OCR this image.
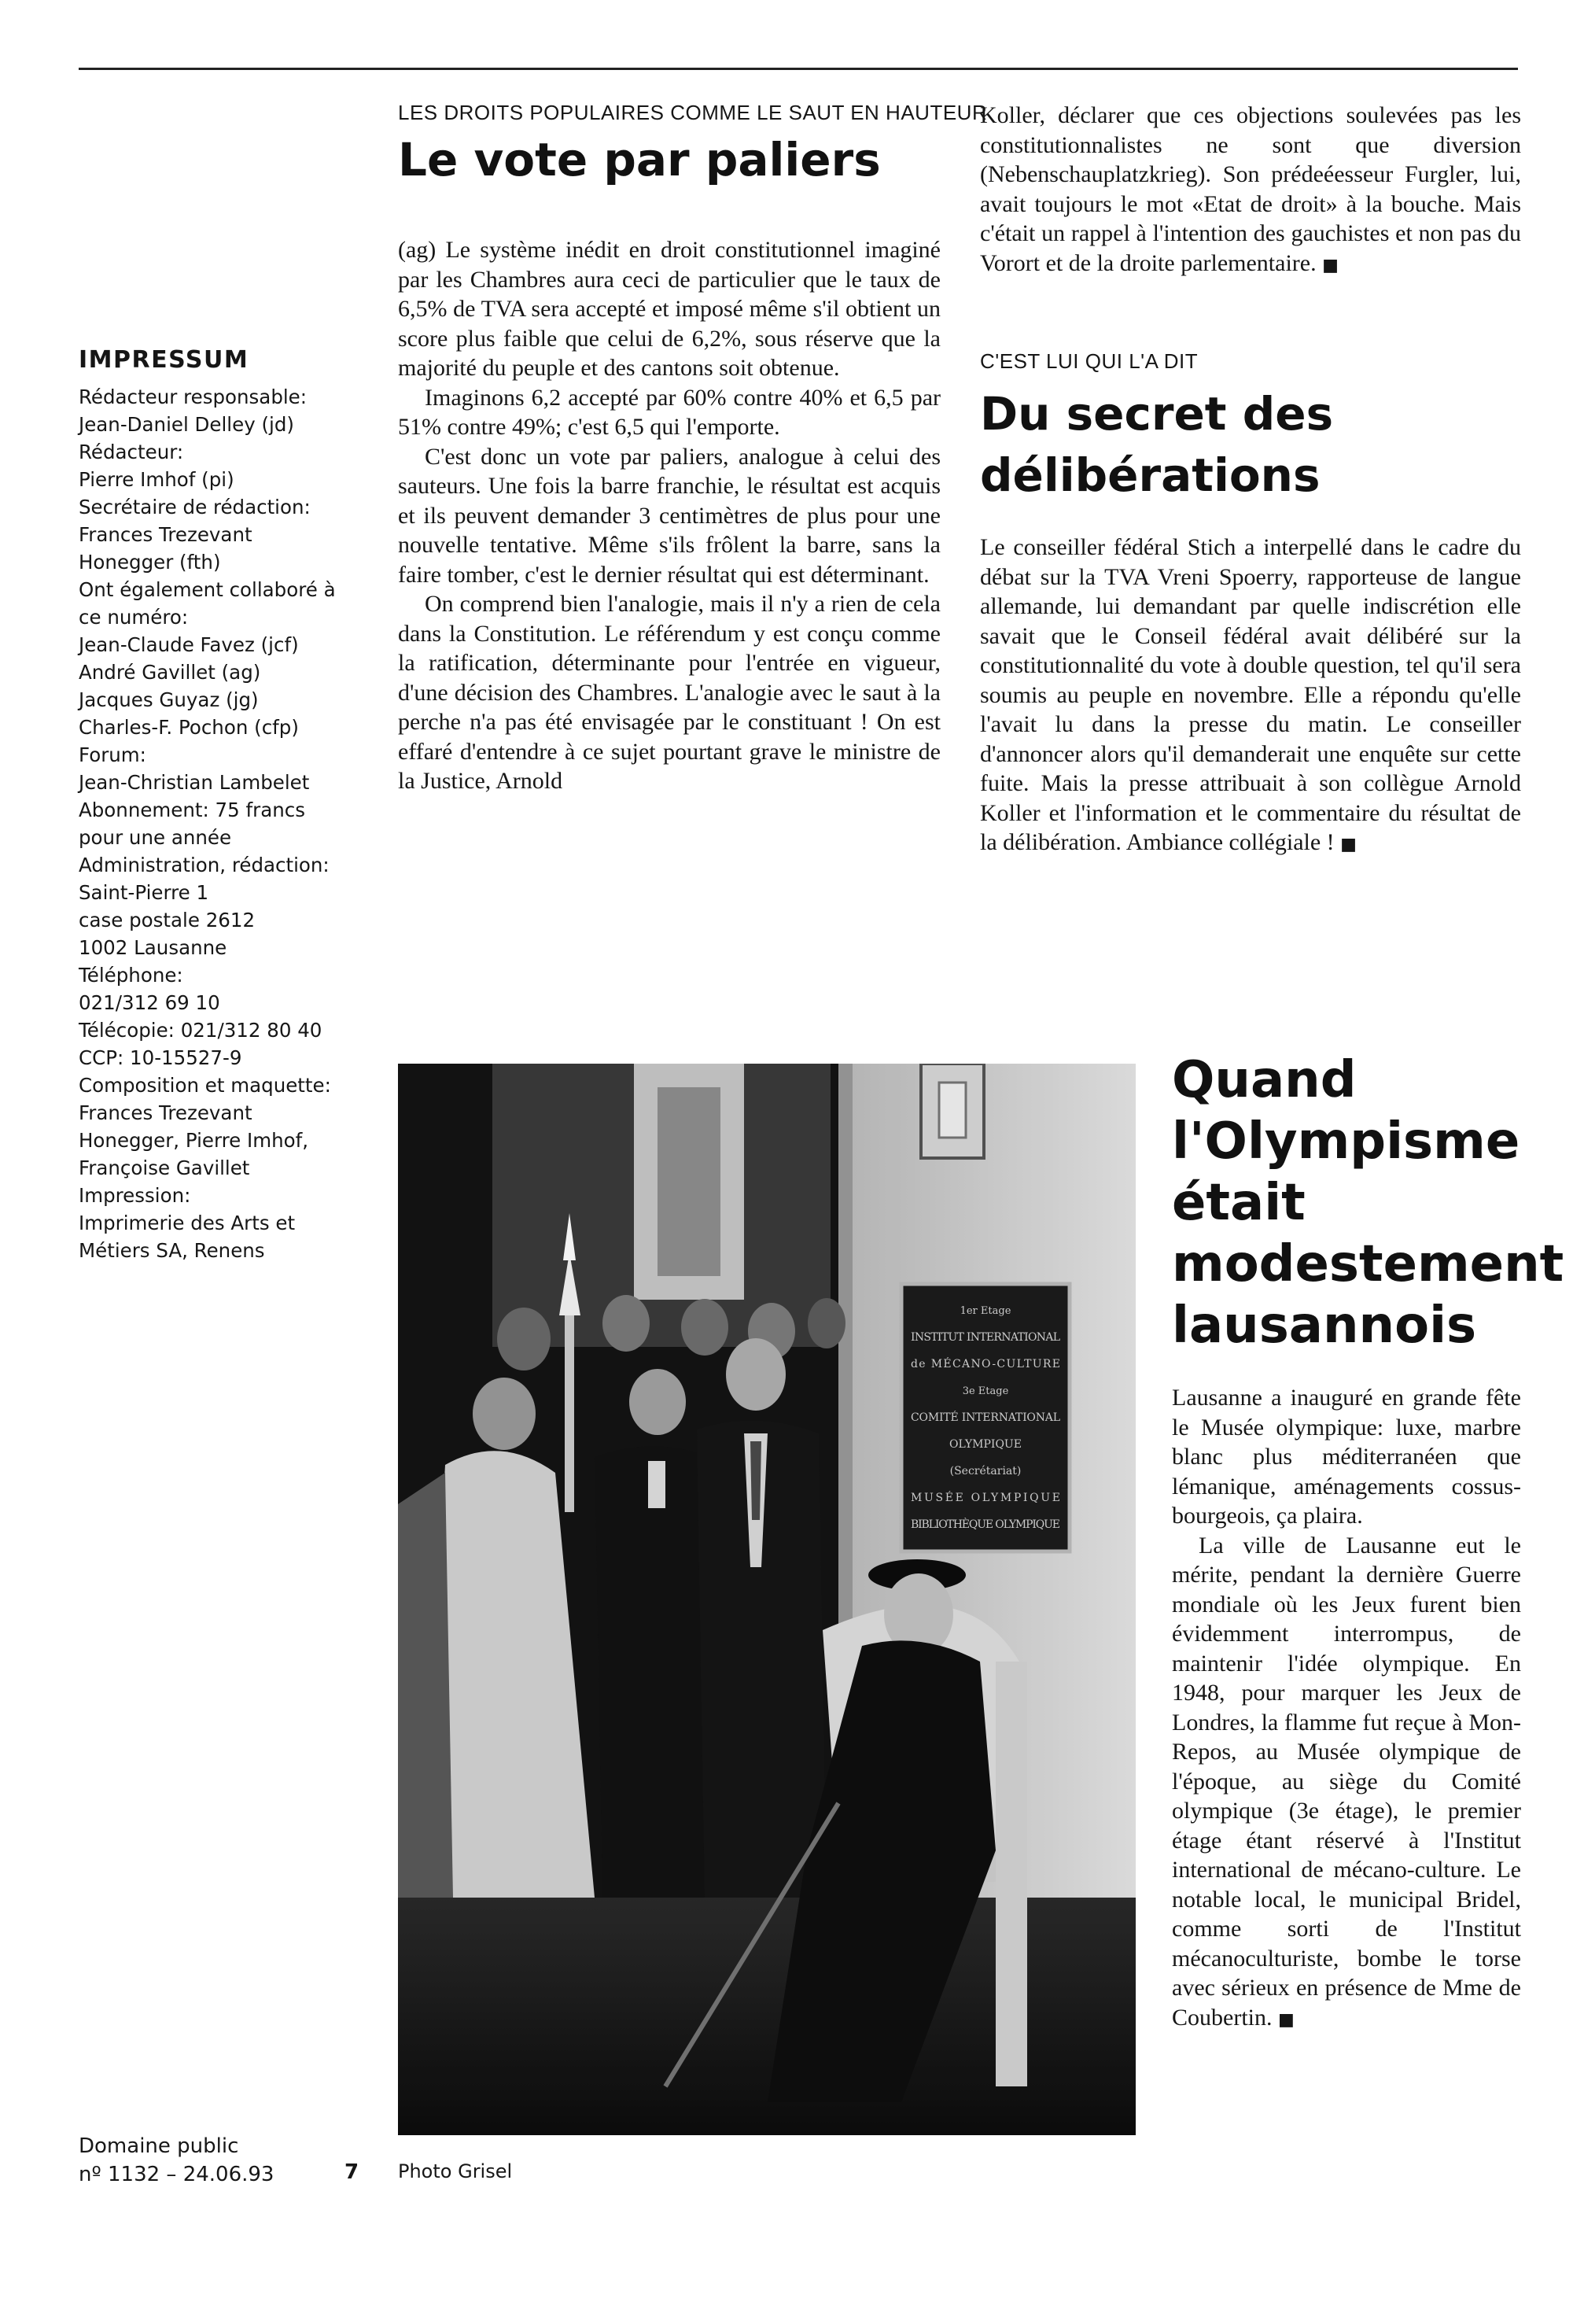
IMPRESSUM
Rédacteur responsable:
Jean-Daniel Delley (jd)
Rédacteur:
Pierre Imhof (pi)
Secrétaire de rédaction:
Frances Trezevant
Honegger (fth)
Ont également collaboré à
ce numéro:
Jean-Claude Favez (jcf)
André Gavillet (ag)
Jacques Guyaz (jg)
Charles-F. Pochon (cfp)
Forum:
Jean-Christian Lambelet
Abonnement: 75 francs
pour une année
Administration, rédaction:
Saint-Pierre 1
case postale 2612
1002 Lausanne
Téléphone:
021/312 69 10
Télécopie: 021/312 80 40
CCP: 10-15527-9
Composition et maquette:
Frances Trezevant
Honegger, Pierre Imhof,
Françoise Gavillet
Impression:
Imprimerie des Arts et
Métiers SA, Renens
Domaine public
nº 1132 – 24.06.93	7
LES DROITS POPULAIRES COMME LE SAUT EN HAUTEUR
Le vote par paliers

(ag) Le système inédit en droit constitutionnel imaginé par les Chambres aura ceci de particulier que le taux de 6,5% de TVA sera accepté et imposé même s'il obtient un score plus faible que celui de 6,2%, sous réserve que la majorité du peuple et des cantons soit obtenue.

Imaginons 6,2 accepté par 60% contre 40% et 6,5 par 51% contre 49%; c'est 6,5 qui l'emporte.

C'est donc un vote par paliers, analogue à celui des sauteurs. Une fois la barre franchie, le résultat est acquis et ils peuvent demander 3 centimètres de plus pour une nouvelle tentative. Même s'ils frôlent la barre, sans la faire tomber, c'est le dernier résultat qui est déterminant.

On comprend bien l'analogie, mais il n'y a rien de cela dans la Constitution. Le référendum y est conçu comme la ratification, déterminante pour l'entrée en vigueur, d'une décision des Chambres. L'analogie avec le saut à la perche n'a pas été envisagée par le constituant ! On est effaré d'entendre à ce sujet pourtant grave le ministre de la Justice, Arnold

Koller, déclarer que ces objections soulevées pas les constitutionnalistes ne sont que diversion (Nebenschauplatzkrieg). Son prédeéesseur Furgler, lui, avait toujours le mot «Etat de droit» à la bouche. Mais c'était un rappel à l'intention des gauchistes et non pas du Vorort et de la droite parlementaire. ■

C'EST LUI QUI L'A DIT
Du secret des délibérations

Le conseiller fédéral Stich a interpellé dans le cadre du débat sur la TVA Vreni Spoerry, rapporteuse de langue allemande, lui demandant par quelle indiscrétion elle savait que le Conseil fédéral avait délibéré sur la constitutionnalité du vote à double question, tel qu'il sera soumis au peuple en novembre. Elle a répondu qu'elle l'avait lu dans la presse du matin. Le conseiller d'annoncer alors qu'il demanderait une enquête sur cette fuite. Mais la presse attribuait à son collègue Arnold Koller et l'information et le commentaire du résultat de la délibération. Ambiance collégiale ! ■

1er Etage
INSTITUT INTERNATIONAL
de MÉCANO-CULTURE
3e Etage
COMITÉ INTERNATIONAL
OLYMPIQUE
(Secrétariat)
MUSÉE OLYMPIQUE
BIBLIOTHÈQUE OLYMPIQUE
Photo Grisel
Quand l'Olympisme était modestement lausannois

Lausanne a inauguré en grande fête le Musée olympique: luxe, marbre blanc plus méditerranéen que lémanique, aménagements cossus-bourgeois, ça plaira.

La ville de Lausanne eut le mérite, pendant la dernière Guerre mondiale où les Jeux furent bien évidemment interrompus, de maintenir l'idée olympique. En 1948, pour marquer les Jeux de Londres, la flamme fut reçue à Mon-Repos, au Musée olympique de l'époque, au siège du Comité olympique (3e étage), le premier étage étant réservé à l'Institut international de mécano-culture. Le notable local, le municipal Bridel, comme sorti de l'Institut mécanoculturiste, bombe le torse avec sérieux en présence de Mme de Coubertin. ■
